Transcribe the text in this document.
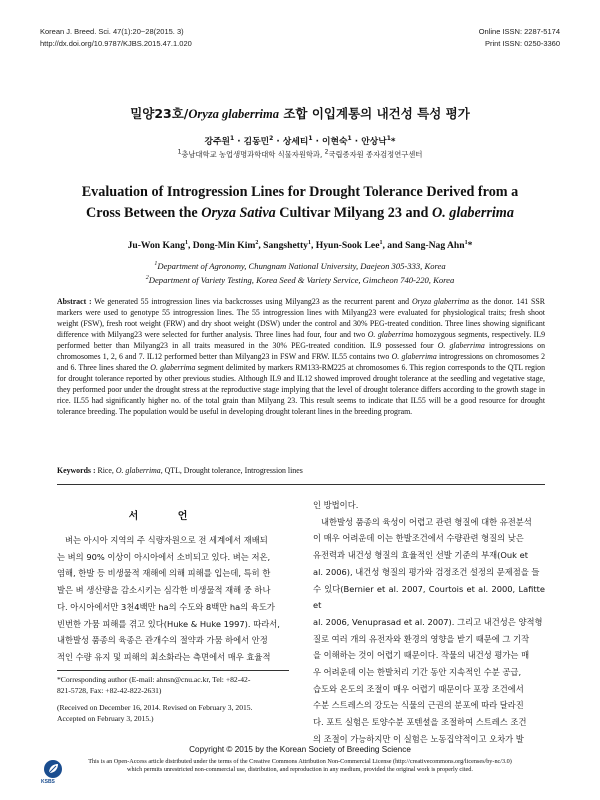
Korean J. Breed. Sci. 47(1):20~28(2015. 3)
http://dx.doi.org/10.9787/KJBS.2015.47.1.020
Online ISSN: 2287-5174
Print ISSN: 0250-3360
밀양23호/Oryza glaberrima 조합 이입계통의 내건성 특성 평가
강주원$^1$ · 김동민$^2$ · 상세티$^1$ · 이현숙$^1$ · 안상낙$^1$*
$^1$충남대학교 농업생명과학대학 식물자원학과, $^2$국립종자원 종자검정연구센터
Evaluation of Introgression Lines for Drought Tolerance Derived from a
Cross Between the Oryza Sativa Cultivar Milyang 23 and O. glaberrima
Ju-Won Kang$^1$, Dong-Min Kim$^2$, Sangshetty$^1$, Hyun-Sook Lee$^1$, and Sang-Nag Ahn$^1$*
$^1$Department of Agronomy, Chungnam National University, Daejeon 305-333, Korea
$^2$Department of Variety Testing, Korea Seed & Variety Service, Gimcheon 740-220, Korea
Abstract : We generated 55 introgression lines via backcrosses using Milyang23 as the recurrent parent and Oryza glaberrima as the donor. 141 SSR markers were used to genotype 55 introgression lines. The 55 introgression lines with Milyang23 were evaluated for physiological traits; fresh shoot weight (FSW), fresh root weight (FRW) and dry shoot weight (DSW) under the control and 30% PEG-treated condition. Three lines showing significant difference with Milyang23 were selected for further analysis. Three lines had four, four and two O. glaberrima homozygous segments, respectively. IL9 performed better than Milyang23 in all traits measured in the 30% PEG-treated condition. IL9 possessed four O. glaberrima introgressions on chromosomes 1, 2, 6 and 7. IL12 performed better than Milyang23 in FSW and FRW. IL55 contains two O. glaberrima introgressions on chromosomes 2 and 6. Three lines shared the O. glaberrima segment delimited by markers RM133-RM225 at chromosomes 6. This region corresponds to the QTL region for drought tolerance reported by other previous studies. Although IL9 and IL12 showed improved drought tolerance at the seedling and vegetative stage, they performed poor under the drought stress at the reproductive stage implying that the level of drought tolerance differs according to the growth stage in rice. IL55 had significantly higher no. of the total grain than Milyang 23. This result seems to indicate that IL55 will be a good resource for drought tolerance breeding. The population would be useful in developing drought tolerant lines in the breeding program.
Keywords : Rice, O. glaberrima, QTL, Drought tolerance, Introgression lines
서 언
벼는 아시아 지역의 주 식량자원으로 전 세계에서 재배되
는 벼의 90% 이상이 아시아에서 소비되고 있다. 벼는 저온,
염해, 한발 등 비생물적 재해에 의해 피해를 입는데, 특히 한
발은 벼 생산량을 감소시키는 심각한 비생물적 재해 중 하나
다. 아시아에서만 3천4백만 ha의 수도와 8백만 ha의 육도가
빈번한 가뭄 피해를 겪고 있다(Huke & Huke 1997). 따라서,
내한발성 품종의 육종은 관개수의 절약과 가뭄 하에서 안정
적인 수량 유지 및 피해의 최소화라는 측면에서 매우 효율적
인 방법이다.
내한발성 품종의 육성이 어렵고 관련 형질에 대한 유전분석
이 매우 어려운데 이는 한발조건에서 수량관련 형질의 낮은
유전력과 내건성 형질의 효율적인 선발 기준의 부재(Ouk et
al. 2006), 내건성 형질의 평가와 검정조건 설정의 문제점을 들
수 있다(Bernier et al. 2007, Courtois et al. 2000, Lafitte et
al. 2006, Venuprasad et al. 2007). 그리고 내건성은 양적형
질로 여러 개의 유전자와 환경의 영향을 받기 때문에 그 기작
을 이해하는 것이 어렵기 때문이다. 작물의 내건성 평가는 매
우 어려운데 이는 한발처리 기간 동안 지속적인 수분 공급,
습도와 온도의 조절이 매우 어렵기 때문이다 포장 조건에서
수분 스트레스의 강도는 식물의 근권의 분포에 따라 달라진
다. 포트 실험은 토양수분 포텐셜을 조절하여 스트레스 조건
의 조절이 가능하지만 이 실험은 노동집약적이고 오차가 발
*Corresponding author (E-mail: ahnsn@cnu.ac.kr, Tel: +82-42-
821-5728, Fax: +82-42-822-2631)
(Received on December 16, 2014. Revised on February 3, 2015.
Accepted on February 3, 2015.)
Copyright © 2015 by the Korean Society of Breeding Science
This is an Open-Access article distributed under the terms of the Creative Commons Attribution Non-Commercial License (http://creativecommons.org/licenses/by-nc/3.0)
which permits unrestricted non-commercial use, distribution, and reproduction in any medium, provided the original work is properly cited.
KSBS
